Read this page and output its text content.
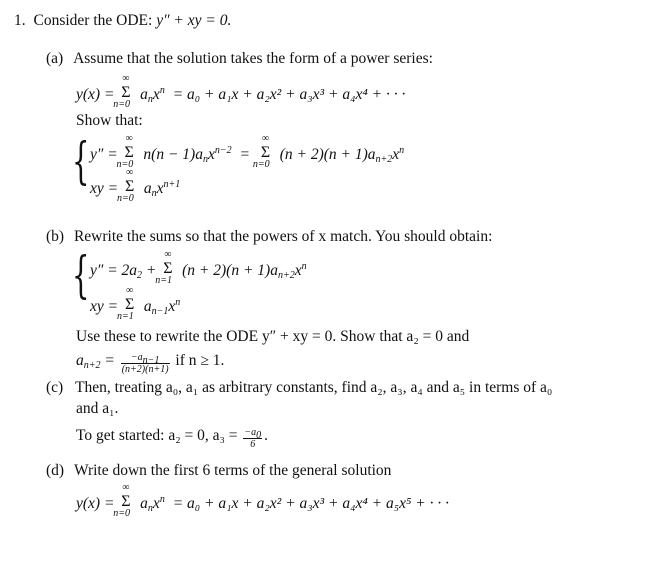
1. Consider the ODE: y″ + xy = 0.
(a) Assume that the solution takes the form of a power series:
y(x) =
∞
Σ
n=0
$a_nx^n = a_0 + a_1x + a_2x^2 + a_3x^3 + a_4x^4$ + · · ·
Show that:
{ y″ =
∞
Σ
n=0
$n(n - 1)a_nx^{n-2}$ =
∞
Σ
n=0
$(n + 2)(n + 1)a_{n+2}x^n$
xy =
∞
Σ
n=0
$a_nx^{n+1}$
(b) Rewrite the sums so that the powers of x match. You should obtain:
{ $y'' = 2a_2$ +
∞
Σ
n=1
$(n + 2)(n + 1)a_{n+2}x^n$
xy =
∞
Σ
n=1
$a_{n-1}x^n$
Use these to rewrite the ODE y″ + xy = 0. Show that a₂ = 0 and
$a_{n+2} = \frac{-a_{n-1}}{(n+2)(n+1)}$ if n ≥ 1.
(c) Then, treating a₀, a₁ as arbitrary constants, find a₂, a₃, a₄ and a₅ in terms of a₀
and a₁.
To get started: a₂ = 0, $a_3 = \frac{-a_0}{6}$ .
(d) Write down the first 6 terms of the general solution
y(x) =
∞
Σ
n=0
$a_nx^n = a_0 + a_1x + a_2x^2 + a_3x^3 + a_4x^4 + a_5x^5$ + · · ·
